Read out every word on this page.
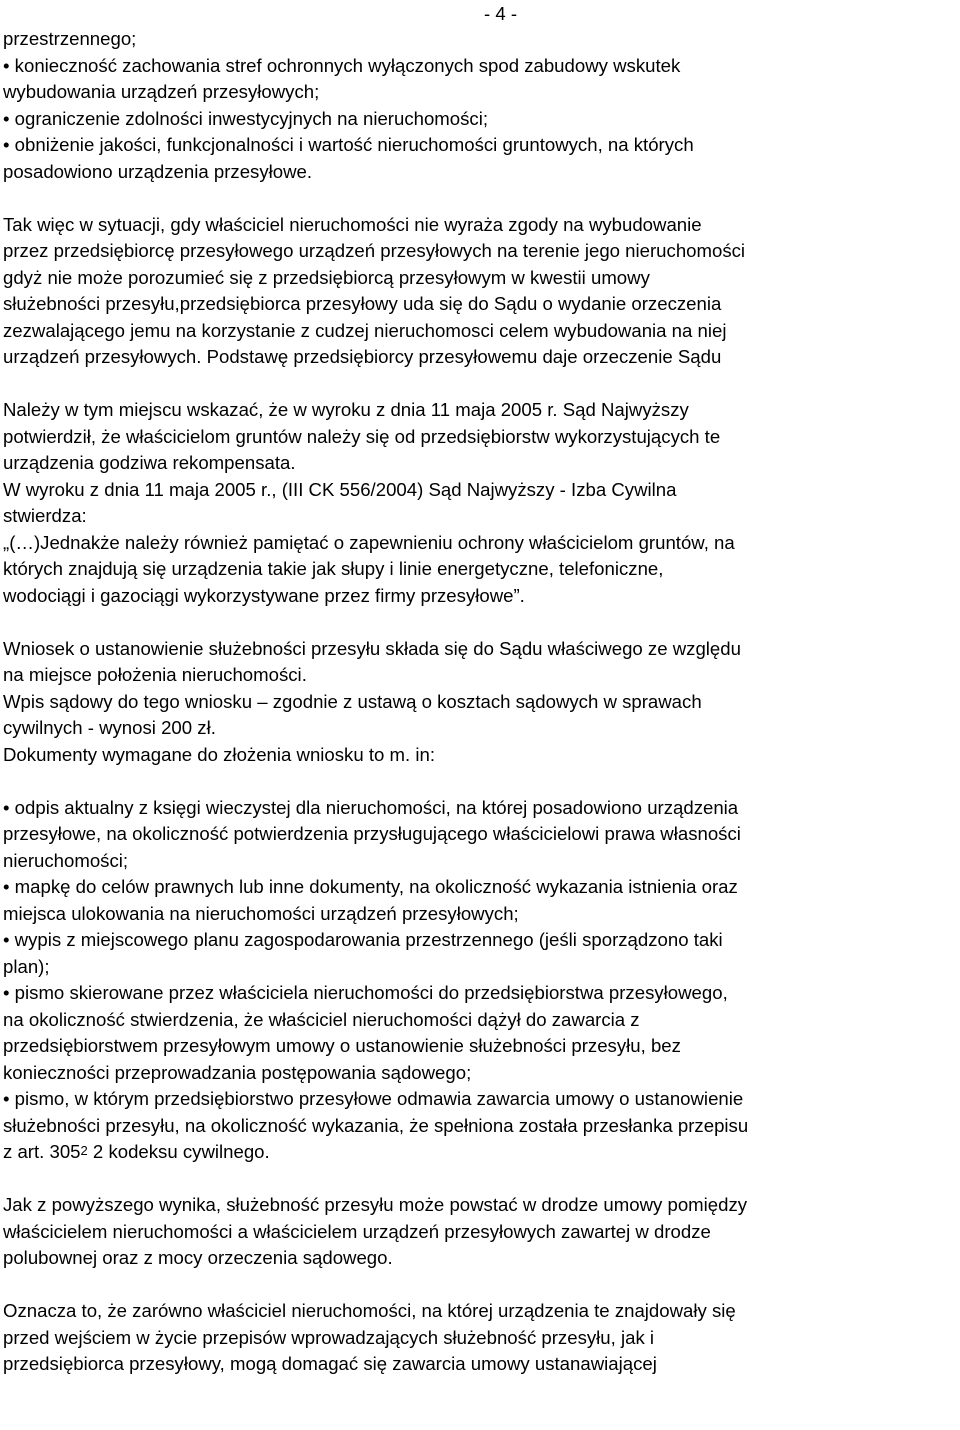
- 4 -
przestrzennego;
• konieczność zachowania stref ochronnych wyłączonych spod zabudowy wskutek
wybudowania urządzeń przesyłowych;
• ograniczenie zdolności inwestycyjnych na nieruchomości;
• obniżenie jakości, funkcjonalności i wartość nieruchomości gruntowych, na których
posadowiono urządzenia przesyłowe.
Tak więc w sytuacji, gdy właściciel nieruchomości nie wyraża zgody na wybudowanie
przez przedsiębiorcę przesyłowego urządzeń przesyłowych na terenie jego nieruchomości
gdyż nie może porozumieć się z przedsiębiorcą przesyłowym w kwestii umowy
służebności przesyłu,przedsiębiorca przesyłowy uda się do Sądu o wydanie orzeczenia
zezwalającego jemu na korzystanie z cudzej nieruchomosci celem wybudowania na niej
urządzeń przesyłowych. Podstawę przedsiębiorcy przesyłowemu daje orzeczenie Sądu
Należy w tym miejscu wskazać, że w wyroku z dnia 11 maja 2005 r. Sąd Najwyższy
potwierdził, że właścicielom gruntów należy się od przedsiębiorstw wykorzystujących te
urządzenia godziwa rekompensata.
W wyroku z dnia 11 maja 2005 r., (III CK 556/2004) Sąd Najwyższy - Izba Cywilna
stwierdza:
„(…)Jednakże należy również pamiętać o zapewnieniu ochrony właścicielom gruntów, na
których znajdują się urządzenia takie jak słupy i linie energetyczne, telefoniczne,
wodociągi i gazociągi wykorzystywane przez firmy przesyłowe”.
Wniosek o ustanowienie służebności przesyłu składa się do Sądu właściwego ze względu
na miejsce położenia nieruchomości.
Wpis sądowy do tego wniosku – zgodnie z ustawą o kosztach sądowych w sprawach
cywilnych - wynosi 200 zł.
Dokumenty wymagane do złożenia wniosku to m. in:
• odpis aktualny z księgi wieczystej dla nieruchomości, na której posadowiono urządzenia
przesyłowe, na okoliczność potwierdzenia przysługującego właścicielowi prawa własności
nieruchomości;
• mapkę do celów prawnych lub inne dokumenty, na okoliczność wykazania istnienia oraz
miejsca ulokowania na nieruchomości urządzeń przesyłowych;
• wypis z miejscowego planu zagospodarowania przestrzennego (jeśli sporządzono taki
plan);
• pismo skierowane przez właściciela nieruchomości do przedsiębiorstwa przesyłowego,
na okoliczność stwierdzenia, że właściciel nieruchomości dążył do zawarcia z
przedsiębiorstwem przesyłowym umowy o ustanowienie służebności przesyłu, bez
konieczności przeprowadzania postępowania sądowego;
• pismo, w którym przedsiębiorstwo przesyłowe odmawia zawarcia umowy o ustanowienie
służebności przesyłu, na okoliczność wykazania, że spełniona została przesłanka przepisu
z art. $305^2$ 2 kodeksu cywilnego.
Jak z powyższego wynika, służebność przesyłu może powstać w drodze umowy pomiędzy
właścicielem nieruchomości a właścicielem urządzeń przesyłowych zawartej w drodze
polubownej oraz z mocy orzeczenia sądowego.
Oznacza to, że zarówno właściciel nieruchomości, na której urządzenia te znajdowały się
przed wejściem w życie przepisów wprowadzających służebność przesyłu, jak i
przedsiębiorca przesyłowy, mogą domagać się zawarcia umowy ustanawiającej
